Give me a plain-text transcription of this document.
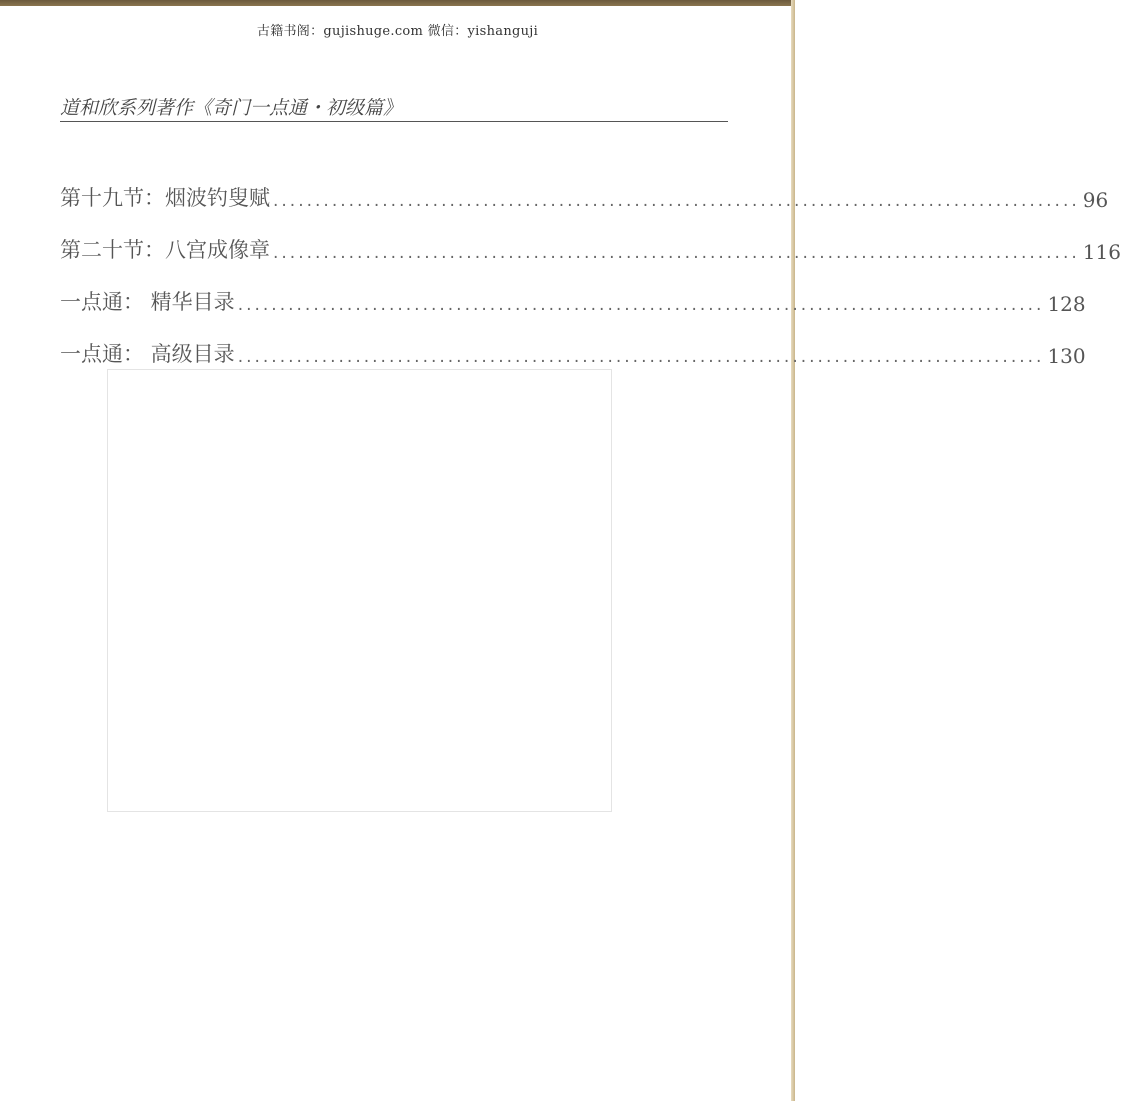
古籍书阁：gujishuge.com 微信：yishanguji
道和欣系列著作《奇门一点通・初级篇》
第十九节：烟波钓叟赋 ................................................................................................ 96
第二十节：八宫成像章 ................................................................................................ 116
一点通： 精华目录 ................................................................................................ 128
一点通： 高级目录 ................................................................................................ 130
